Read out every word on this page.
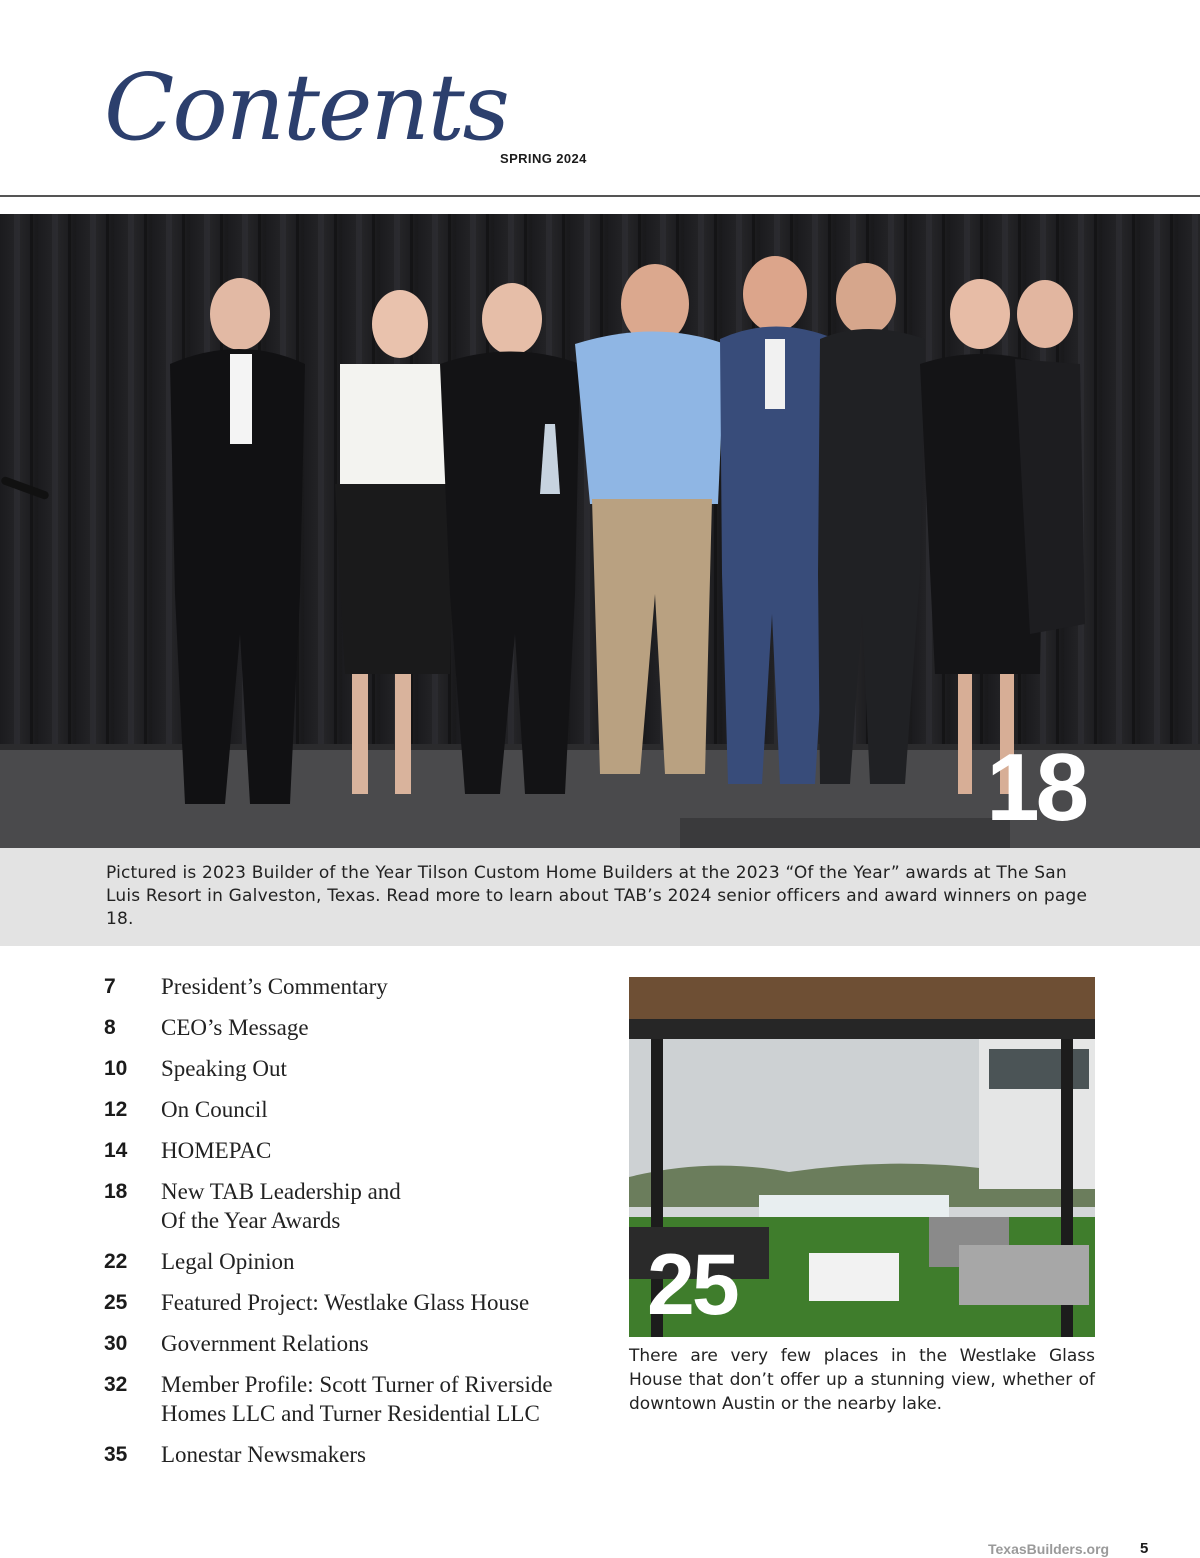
Contents
SPRING 2024
18
Pictured is 2023 Builder of the Year Tilson Custom Home Builders at the 2023 “Of the Year” awards at The San Luis Resort in Galveston, Texas. Read more to learn about TAB’s 2024 senior officers and award winners on page 18.
7	President’s Commentary
8	CEO’s Message
10	Speaking Out
12	On Council
14	HOMEPAC
18	New TAB Leadership and
Of the Year Awards
22	Legal Opinion
25	Featured Project: Westlake Glass House
30	Government Relations
32	Member Profile: Scott Turner of Riverside
Homes LLC and Turner Residential LLC
35	Lonestar Newsmakers
25
There are very few places in the Westlake Glass House that don’t offer up a stunning view, whether of downtown Austin or the nearby lake.
TexasBuilders.org 5
